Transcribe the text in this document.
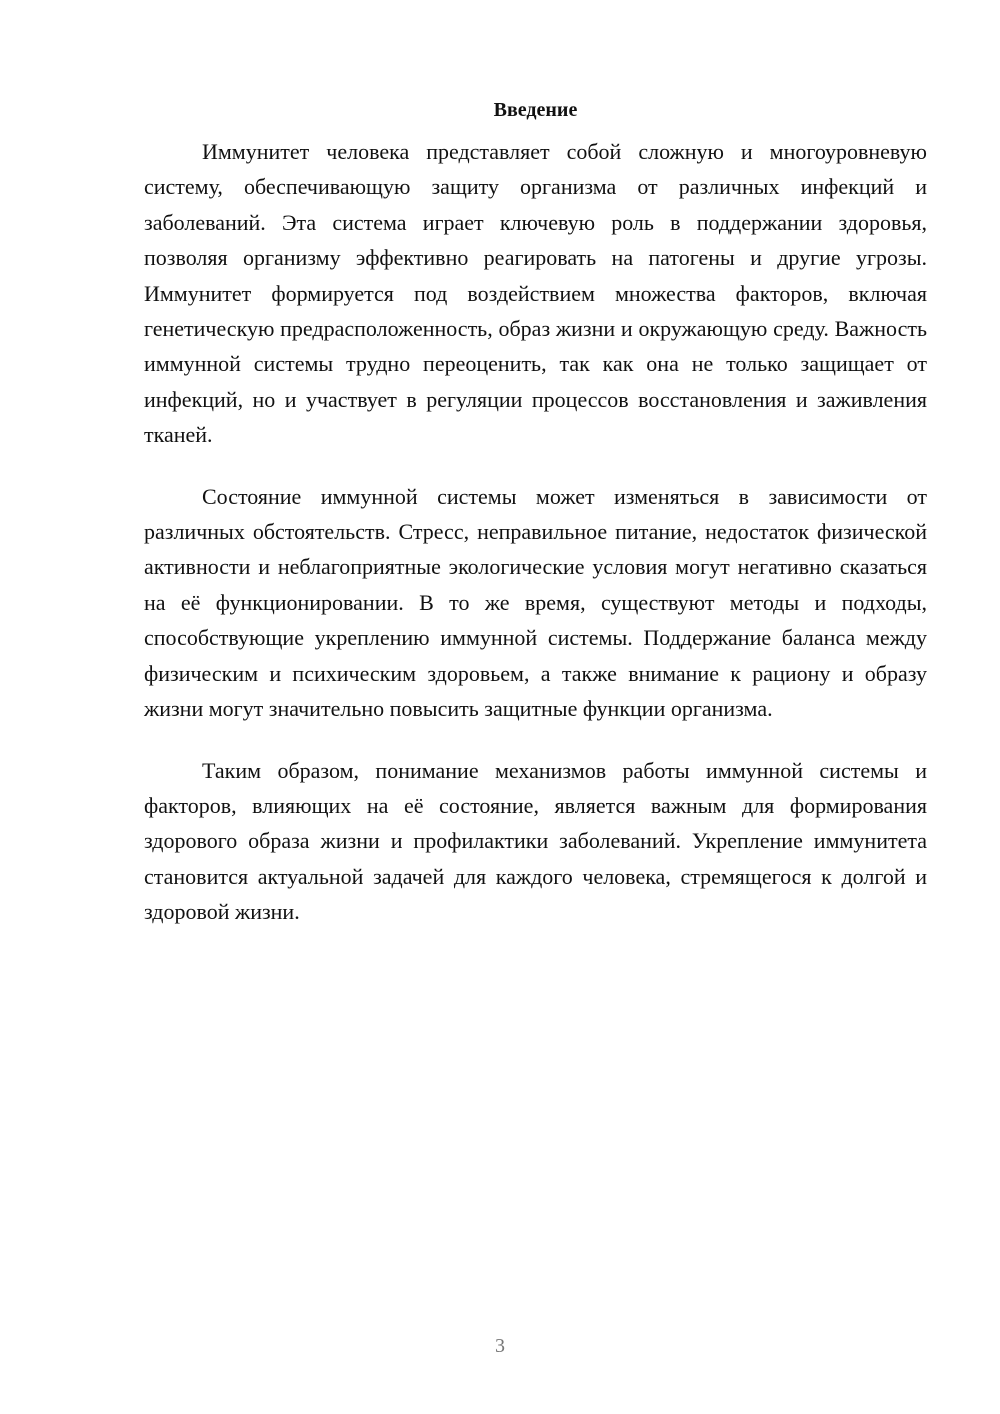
Введение

Иммунитет человека представляет собой сложную и многоуровневую систему, обеспечивающую защиту организма от различных инфекций и заболеваний. Эта система играет ключевую роль в поддержании здоровья, позволяя организму эффективно реагировать на патогены и другие угрозы. Иммунитет формируется под воздействием множества факторов, включая генетическую предрасположенность, образ жизни и окружающую среду. Важность иммунной системы трудно переоценить, так как она не только защищает от инфекций, но и участвует в регуляции процессов восстановления и заживления тканей.

Состояние иммунной системы может изменяться в зависимости от различных обстоятельств. Стресс, неправильное питание, недостаток физической активности и неблагоприятные экологические условия могут негативно сказаться на её функционировании. В то же время, существуют методы и подходы, способствующие укреплению иммунной системы. Поддержание баланса между физическим и психическим здоровьем, а также внимание к рациону и образу жизни могут значительно повысить защитные функции организма.

Таким образом, понимание механизмов работы иммунной системы и факторов, влияющих на её состояние, является важным для формирования здорового образа жизни и профилактики заболеваний. Укрепление иммунитета становится актуальной задачей для каждого человека, стремящегося к долгой и здоровой жизни.

3
